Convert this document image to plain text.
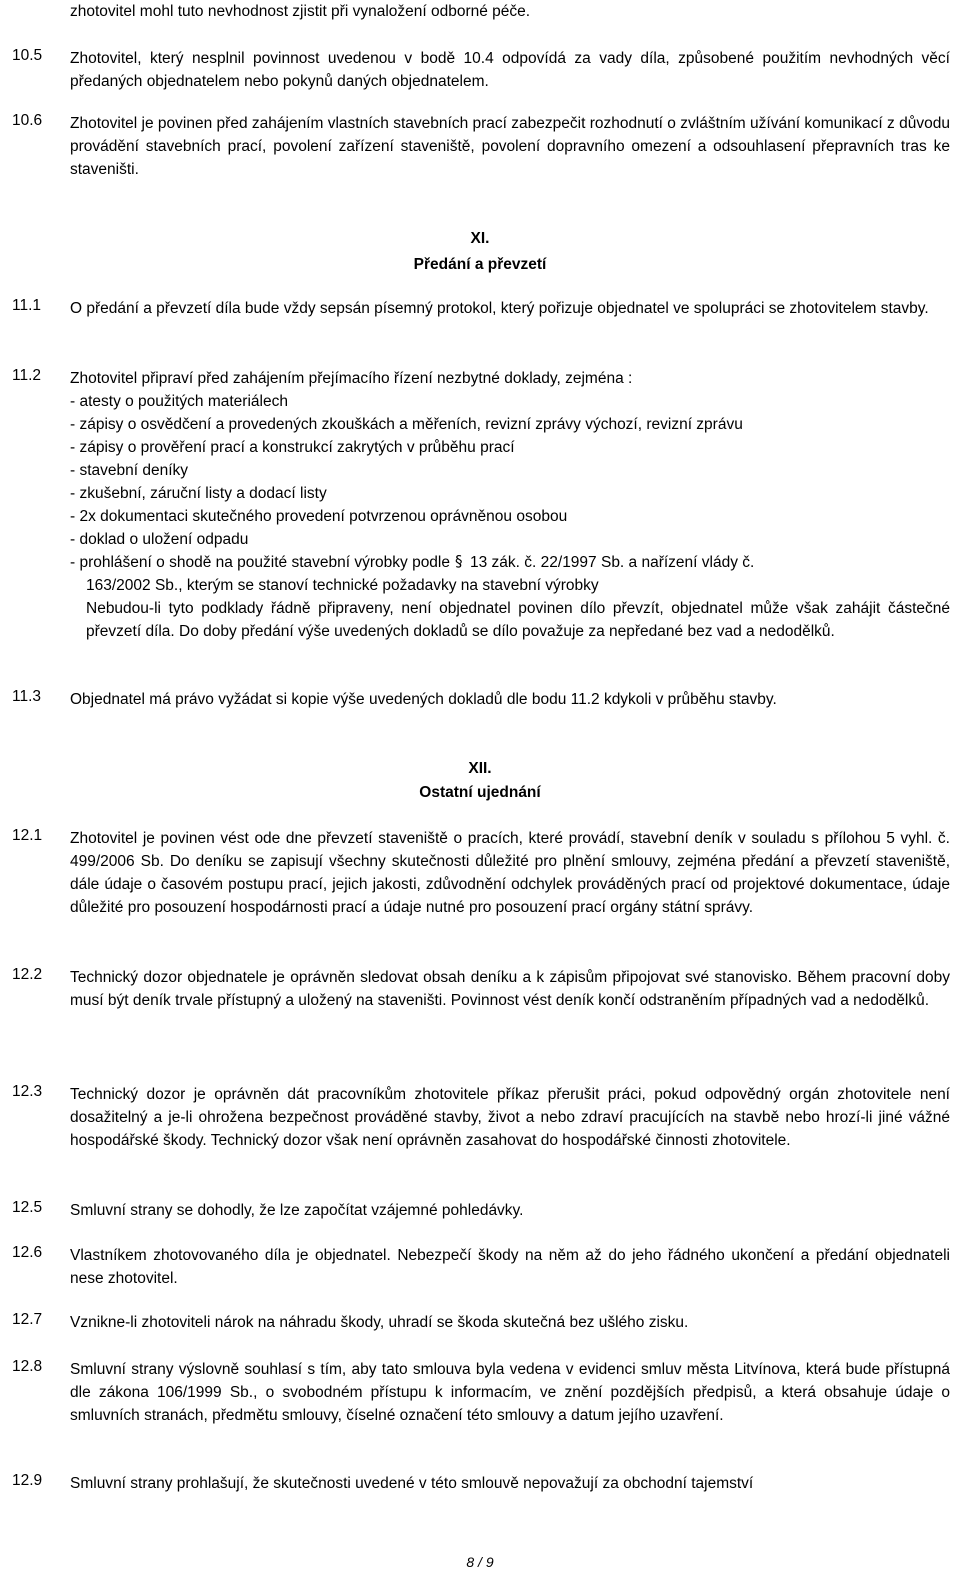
zhotovitel mohl tuto nevhodnost zjistit při vynaložení odborné péče.
10.5	Zhotovitel, který nesplnil povinnost uvedenou v bodě 10.4 odpovídá za vady díla, způsobené použitím nevhodných věcí předaných objednatelem nebo pokynů daných objednatelem.
10.6	Zhotovitel je povinen před zahájením vlastních stavebních prací zabezpečit rozhodnutí o zvláštním užívání komunikací z důvodu provádění stavebních prací, povolení zařízení staveniště, povolení dopravního omezení a odsouhlasení přepravních tras ke staveništi.
XI.
Předání a převzetí
11.1	O předání a převzetí díla bude vždy sepsán písemný protokol, který pořizuje objednatel ve spolupráci se zhotovitelem stavby.
11.2	Zhotovitel připraví před zahájením přejímacího řízení nezbytné doklady, zejména :
- atesty o použitých materiálech
- zápisy o osvědčení a provedených zkouškách a měřeních, revizní zprávy výchozí, revizní zprávu
- zápisy o prověření prací a konstrukcí zakrytých v průběhu prací
- stavební deníky
- zkušební, záruční listy a dodací listy
- 2x dokumentaci skutečného provedení potvrzenou oprávněnou osobou
- doklad o uložení odpadu
- prohlášení o shodě na použité stavební výrobky podle § 13 zák. č. 22/1997 Sb. a nařízení vlády č.
163/2002 Sb., kterým se stanoví technické požadavky na stavební výrobky
Nebudou-li tyto podklady řádně připraveny, není objednatel povinen dílo převzít, objednatel může však zahájit částečné převzetí díla. Do doby předání výše uvedených dokladů se dílo považuje za nepředané bez vad a nedodělků.
11.3	Objednatel má právo vyžádat si kopie výše uvedených dokladů dle bodu 11.2 kdykoli v průběhu stavby.
XII.
Ostatní ujednání
12.1	Zhotovitel je povinen vést ode dne převzetí staveniště o pracích, které provádí, stavební deník v souladu s přílohou 5 vyhl. č. 499/2006 Sb. Do deníku se zapisují všechny skutečnosti důležité pro plnění smlouvy, zejména předání a převzetí staveniště, dále údaje o časovém postupu prací, jejich jakosti, zdůvodnění odchylek prováděných prací od projektové dokumentace, údaje důležité pro posouzení hospodárnosti prací a údaje nutné pro posouzení prací orgány státní správy.
12.2	Technický dozor objednatele je oprávněn sledovat obsah deníku a k zápisům připojovat své stanovisko. Během pracovní doby musí být deník trvale přístupný a uložený na staveništi. Povinnost vést deník končí odstraněním případných vad a nedodělků.
12.3	Technický dozor je oprávněn dát pracovníkům zhotovitele příkaz přerušit práci, pokud odpovědný orgán zhotovitele není dosažitelný a je-li ohrožena bezpečnost prováděné stavby, život a nebo zdraví pracujících na stavbě nebo hrozí-li jiné vážné hospodářské škody. Technický dozor však není oprávněn zasahovat do hospodářské činnosti zhotovitele.
12.5	Smluvní strany se dohodly, že lze započítat vzájemné pohledávky.
12.6	Vlastníkem zhotovovaného díla je objednatel. Nebezpečí škody na něm až do jeho řádného ukončení a předání objednateli nese zhotovitel.
12.7	Vznikne-li zhotoviteli nárok na náhradu škody, uhradí se škoda skutečná bez ušlého zisku.
12.8	Smluvní strany výslovně souhlasí s tím, aby tato smlouva byla vedena v evidenci smluv města Litvínova, která bude přístupná dle zákona 106/1999 Sb., o svobodném přístupu k informacím, ve znění pozdějších předpisů, a která obsahuje údaje o smluvních stranách, předmětu smlouvy, číselné označení této smlouvy a datum jejího uzavření.
12.9	Smluvní strany prohlašují, že skutečnosti uvedené v této smlouvě nepovažují za obchodní tajemství
8 / 9
